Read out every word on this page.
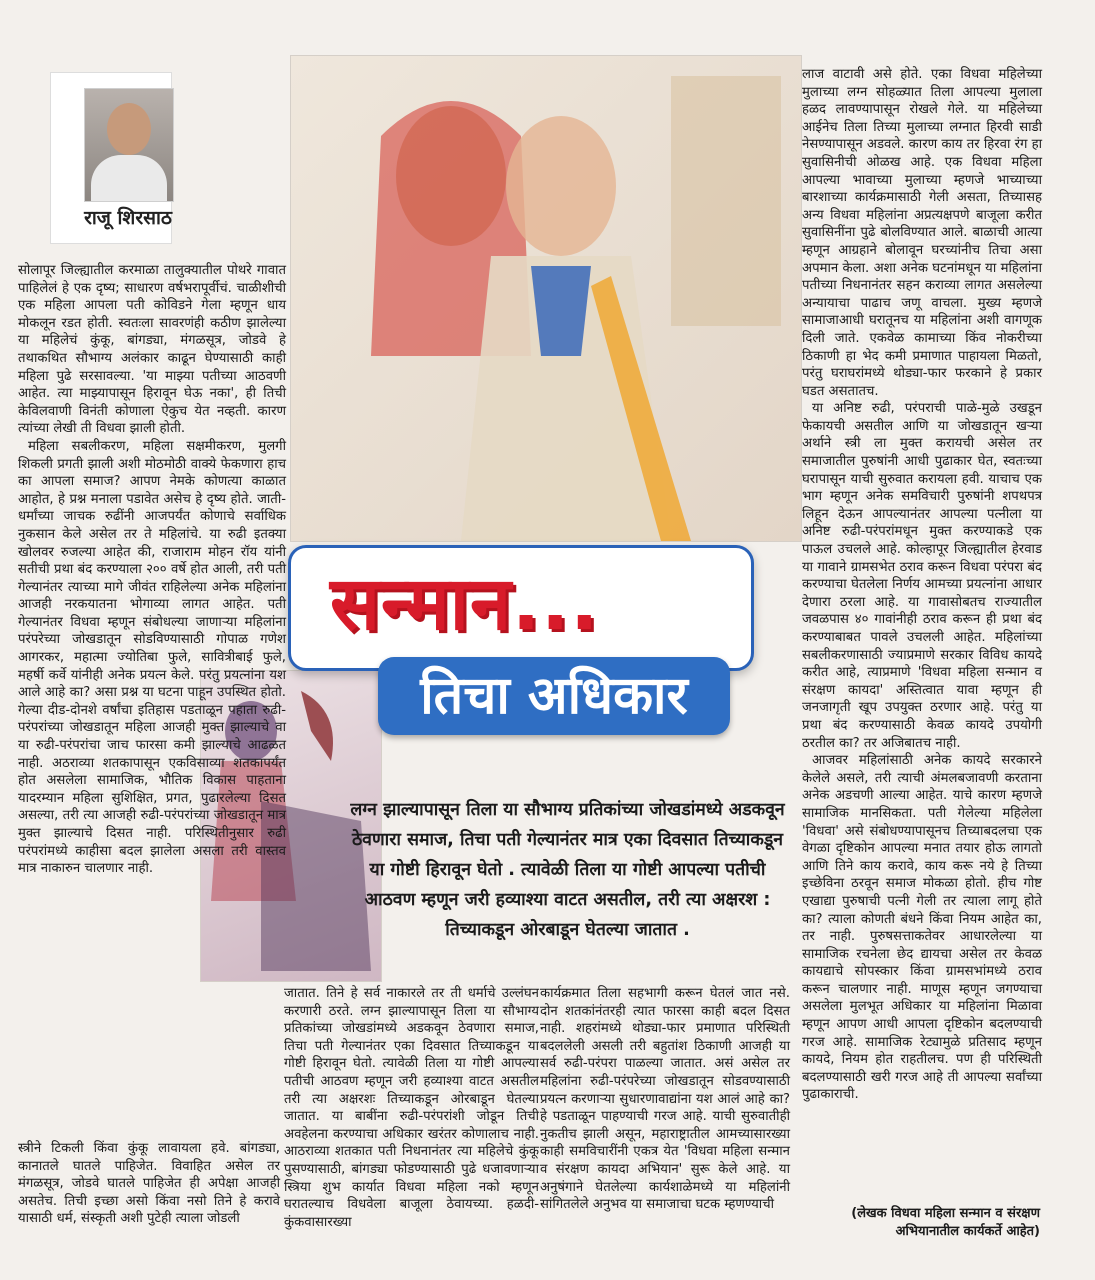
राजू शिरसाठ
सन्मान...
तिचा अधिकार
लग्न झाल्यापासून तिला या सौभाग्य प्रतिकांच्या जोखडांमध्ये अडकवून ठेवणारा समाज, तिचा पती गेल्यानंतर मात्र एका दिवसात तिच्याकडून या गोष्टी हिरावून घेतो . त्यावेळी तिला या गोष्टी आपल्या पतीची आठवण म्हणून जरी हव्याश्या वाटत असतील, तरी त्या अक्षरश : तिच्याकडून ओरबाडून घेतल्या जातात .

सोलापूर जिल्ह्यातील करमाळा तालुक्यातील पोथरे गावात पाहिलेलं हे एक दृष्य; साधारण वर्षभरापूर्वीचं. चाळीशीची एक महिला आपला पती कोविडने गेला म्हणून धाय मोकलून रडत होती. स्वतःला सावरणंही कठीण झालेल्या या महिलेचं कुंकू, बांगड्या, मंगळसूत्र, जोडवे हे तथाकथित सौभाग्य अलंकार काढून घेण्यासाठी काही महिला पुढे सरसावल्या. 'या माझ्या पतीच्या आठवणी आहेत. त्या माझ्यापासून हिरावून घेऊ नका', ही तिची केविलवाणी विनंती कोणाला ऐकुच येत नव्हती. कारण त्यांच्या लेखी ती विधवा झाली होती.

महिला सबलीकरण, महिला सक्षमीकरण, मुलगी शिकली प्रगती झाली अशी मोठमोठी वाक्ये फेकणारा हाच का आपला समाज? आपण नेमके कोणत्या काळात आहोत, हे प्रश्न मनाला पडावेत असेच हे दृष्य होते. जाती-धर्मांच्या जाचक रुढींनी आजपर्यंत कोणाचे सर्वाधिक नुकसान केले असेल तर ते महिलांचे. या रुढी इतक्या खोलवर रुजल्या आहेत की, राजाराम मोहन रॉय यांनी सतीची प्रथा बंद करण्याला २०० वर्षे होत आली, तरी पती गेल्यानंतर त्याच्या मागे जीवंत राहिलेल्या अनेक महिलांना आजही नरकयातना भोगाव्या लागत आहेत. पती गेल्यानंतर विधवा म्हणून संबोधल्या जाणाऱ्या महिलांना परंपरेच्या जोखडातून सोडविण्यासाठी गोपाळ गणेश आगरकर, महात्मा ज्योतिबा फुले, सावित्रीबाई फुले, महर्षी कर्वे यांनीही अनेक प्रयत्न केले. परंतु प्रयत्नांना यश आले आहे का? असा प्रश्न या घटना पाहून उपस्थित होतो. गेल्या दीड-दोनशे वर्षांचा इतिहास पडताळून पहाता रुढी-परंपरांच्या जोखडातून महिला आजही मुक्त झाल्याचे वा या रुढी-परंपरांचा जाच फारसा कमी झाल्याचे आढळत नाही. अठराव्या शतकापासून एकविसाव्या शतकापर्यंत होत असलेला सामाजिक, भौतिक विकास पाहताना यादरम्यान महिला सुशिक्षित, प्रगत, पुढारलेल्या दिसत असल्या, तरी त्या आजही रुढी-परंपरांच्या जोखडातून मात्र मुक्त झाल्याचे दिसत नाही. परिस्थितीनुसार रुढी परंपरांमध्ये काहीसा बदल झालेला असला तरी वास्तव मात्र नाकारुन चालणार नाही.

स्त्रीने टिकली किंवा कुंकू लावायला हवे. बांगड्या, कानातले घातले पाहिजेत. विवाहित असेल तर मंगळसूत्र, जोडवे घातले पाहिजेत ही अपेक्षा आजही असतेच. तिची इच्छा असो किंवा नसो तिने हे करावे यासाठी धर्म, संस्कृती अशी पुटेही त्याला जोडली

जातात. तिने हे सर्व नाकारले तर ती धर्माचे उल्लंघन करणारी ठरते. लग्न झाल्यापासून तिला या सौभाग्य प्रतिकांच्या जोखडांमध्ये अडकवून ठेवणारा समाज, तिचा पती गेल्यानंतर एका दिवसात तिच्याकडून या गोष्टी हिरावून घेतो. त्यावेळी तिला या गोष्टी आपल्या पतीची आठवण म्हणून जरी हव्याश्या वाटत असतील तरी त्या अक्षरशः तिच्याकडून ओरबाडून घेतल्या जातात. या बाबींना रुढी-परंपरांशी जोडून तिची अवहेलना करण्याचा अधिकार खरंतर कोणालाच नाही. आठराव्या शतकात पती निधनानंतर त्या महिलेचे कुंकू पुसण्यासाठी, बांगड्या फोडण्यासाठी पुढे धजावणाऱ्या स्त्रिया शुभ कार्यात विधवा महिला नको म्हणून घरातल्याच विधवेला बाजूला ठेवायच्या. हळदी-कुंकवासारख्या

कार्यक्रमात तिला सहभागी करून घेतलं जात नसे. दोन शतकांनंतरही त्यात फारसा काही बदल दिसत नाही. शहरांमध्ये थोड्या-फार प्रमाणात परिस्थिती बदललेली असली तरी बहुतांश ठिकाणी आजही या सर्व रुढी-परंपरा पाळल्या जातात. असं असेल तर महिलांना रुढी-परंपरेच्या जोखडातून सोडवण्यासाठी प्रयत्न करणाऱ्या सुधारणावाद्यांना यश आलं आहे का? हे पडताळून पाहण्याची गरज आहे. याची सुरुवातीही नुकतीच झाली असून, महाराष्ट्रातील आमच्यासारख्या काही समविचारींनी एकत्र येत 'विधवा महिला सन्मान व संरक्षण कायदा अभियान' सुरू केले आहे. या अनुषंगाने घेतलेल्या कार्यशाळेमध्ये या महिलांनी सांगितलेले अनुभव या समाजाचा घटक म्हणण्याची

लाज वाटावी असे होते. एका विधवा महिलेच्या मुलाच्या लग्न सोहळ्यात तिला आपल्या मुलाला हळद लावण्यापासून रोखले गेले. या महिलेच्या आईनेच तिला तिच्या मुलाच्या लग्नात हिरवी साडी नेसण्यापासून अडवले. कारण काय तर हिरवा रंग हा सुवासिनीची ओळख आहे. एक विधवा महिला आपल्या भावाच्या मुलाच्या म्हणजे भाच्याच्या बारशाच्या कार्यक्रमासाठी गेली असता, तिच्यासह अन्य विधवा महिलांना अप्रत्यक्षपणे बाजूला करीत सुवासिनींना पुढे बोलविण्यात आले. बाळाची आत्या म्हणून आग्रहाने बोलावून घरच्यांनीच तिचा असा अपमान केला. अशा अनेक घटनांमधून या महिलांना पतीच्या निधनानंतर सहन कराव्या लागत असलेल्या अन्यायाचा पाढाच जणू वाचला. मुख्य म्हणजे सामाजाआधी घरातूनच या महिलांना अशी वागणूक दिली जाते. एकवेळ कामाच्या किंव नोकरीच्या ठिकाणी हा भेद कमी प्रमाणात पाहायला मिळतो, परंतु घराघरांमध्ये थोड्या-फार फरकाने हे प्रकार घडत असतातच.

या अनिष्ट रुढी, परंपराची पाळे-मुळे उखडून फेकायची असतील आणि या जोखडातून खऱ्या अर्थाने स्त्री ला मुक्त करायची असेल तर समाजातील पुरुषांनी आधी पुढाकार घेत, स्वतःच्या घरापासून याची सुरुवात करायला हवी. याचाच एक भाग म्हणून अनेक समविचारी पुरुषांनी शपथपत्र लिहून देऊन आपल्यानंतर आपल्या पत्नीला या अनिष्ट रुढी-परंपरांमधून मुक्त करण्याकडे एक पाऊल उचलले आहे. कोल्हापूर जिल्ह्यातील हेरवाड या गावाने ग्रामसभेत ठराव करून विधवा परंपरा बंद करण्याचा घेतलेला निर्णय आमच्या प्रयत्नांना आधार देणारा ठरला आहे. या गावासोबतच राज्यातील जवळपास ४० गावांनीही ठराव करून ही प्रथा बंद करण्याबाबत पावले उचलली आहेत. महिलांच्या सबलीकरणासाठी ज्याप्रमाणे सरकार विविध कायदे करीत आहे, त्याप्रमाणे 'विधवा महिला सन्मान व संरक्षण कायदा' अस्तित्वात यावा म्हणून ही जनजागृती खूप उपयुक्त ठरणार आहे. परंतु या प्रथा बंद करण्यासाठी केवळ कायदे उपयोगी ठरतील का? तर अजिबातच नाही.

आजवर महिलांसाठी अनेक कायदे सरकारने केलेले असले, तरी त्याची अंमलबजावणी करताना अनेक अडचणी आल्या आहेत. याचे कारण म्हणजे सामाजिक मानसिकता. पती गेलेल्या महिलेला 'विधवा' असे संबोधण्यापासूनच तिच्याबदलचा एक वेगळा दृष्टिकोन आपल्या मनात तयार होऊ लागतो आणि तिने काय करावे, काय करू नये हे तिच्या इच्छेविना ठरवून समाज मोकळा होतो. हीच गोष्ट एखाद्या पुरुषाची पत्नी गेली तर त्याला लागू होते का? त्याला कोणती बंधने किंवा नियम आहेत का, तर नाही. पुरुषसत्ताकतेवर आधारलेल्या या सामाजिक रचनेला छेद द्यायचा असेल तर केवळ कायद्याचे सोपस्कार किंवा ग्रामसभांमध्ये ठराव करून चालणार नाही. माणूस म्हणून जगण्याचा असलेला मुलभूत अधिकार या महिलांना मिळावा म्हणून आपण आधी आपला दृष्टिकोन बदलण्याची गरज आहे. सामाजिक रेट्यामुळे प्रतिसाद म्हणून कायदे, नियम होत राहतीलच. पण ही परिस्थिती बदलण्यासाठी खरी गरज आहे ती आपल्या सर्वांच्या पुढाकाराची.

(लेखक विधवा महिला सन्मान व संरक्षण अभियानातील कार्यकर्ते आहेत)
